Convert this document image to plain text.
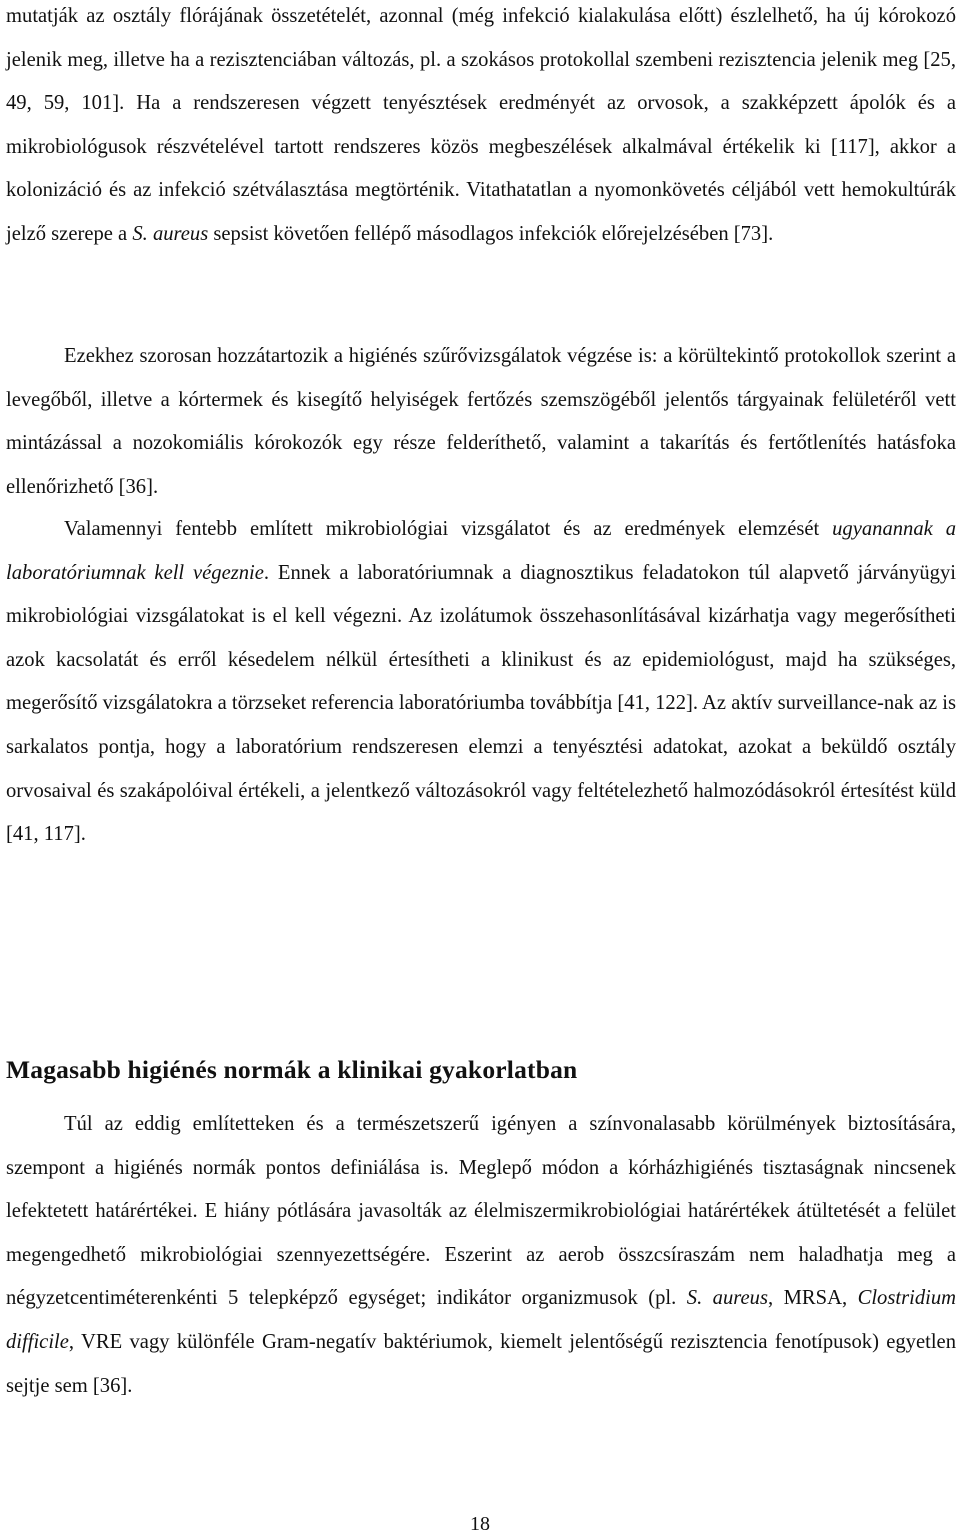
mutatják az osztály flórájának összetételét, azonnal (még infekció kialakulása előtt) észlelhető, ha új kórokozó jelenik meg, illetve ha a rezisztenciában változás, pl. a szokásos protokollal szembeni rezisztencia jelenik meg [25, 49, 59, 101]. Ha a rendszeresen végzett tenyésztések eredményét az orvosok, a szakképzett ápolók és a mikrobiológusok részvételével tartott rendszeres közös megbeszélések alkalmával értékelik ki [117], akkor a kolonizáció és az infekció szétválasztása megtörténik. Vitathatatlan a nyomonkövetés céljából vett hemokultúrák jelző szerepe a S. aureus sepsist követően fellépő másodlagos infekciók előrejelzésében [73].

Ezekhez szorosan hozzátartozik a higiénés szűrővizsgálatok végzése is: a körültekintő protokollok szerint a levegőből, illetve a kórtermek és kisegítő helyiségek fertőzés szemszögéből jelentős tárgyainak felületéről vett mintázással a nozokomiális kórokozók egy része felderíthető, valamint a takarítás és fertőtlenítés hatásfoka ellenőrizhető [36].

Valamennyi fentebb említett mikrobiológiai vizsgálatot és az eredmények elemzését ugyanannak a laboratóriumnak kell végeznie. Ennek a laboratóriumnak a diagnosztikus feladatokon túl alapvető járványügyi mikrobiológiai vizsgálatokat is el kell végezni. Az izolátumok összehasonlításával kizárhatja vagy megerősítheti azok kacsolatát és erről késedelem nélkül értesítheti a klinikust és az epidemiológust, majd ha szükséges, megerősítő vizsgálatokra a törzseket referencia laboratóriumba továbbítja [41, 122]. Az aktív surveillance-nak az is sarkalatos pontja, hogy a laboratórium rendszeresen elemzi a tenyésztési adatokat, azokat a beküldő osztály orvosaival és szakápolóival értékeli, a jelentkező változásokról vagy feltételezhető halmozódásokról értesítést küld [41, 117].

Magasabb higiénés normák a klinikai gyakorlatban

Túl az eddig említetteken és a természetszerű igényen a színvonalasabb körülmények biztosítására, szempont a higiénés normák pontos definiálása is. Meglepő módon a kórházhigiénés tisztaságnak nincsenek lefektetett határértékei. E hiány pótlására javasolták az élelmiszermikrobiológiai határértékek átültetését a felület megengedhető mikrobiológiai szennyezettségére. Eszerint az aerob összcsíraszám nem haladhatja meg a négyzetcentiméterenkénti 5 telepképző egységet; indikátor organizmusok (pl. S. aureus, MRSA, Clostridium difficile, VRE vagy különféle Gram-negatív baktériumok, kiemelt jelentőségű rezisztencia fenotípusok) egyetlen sejtje sem [36].

18
